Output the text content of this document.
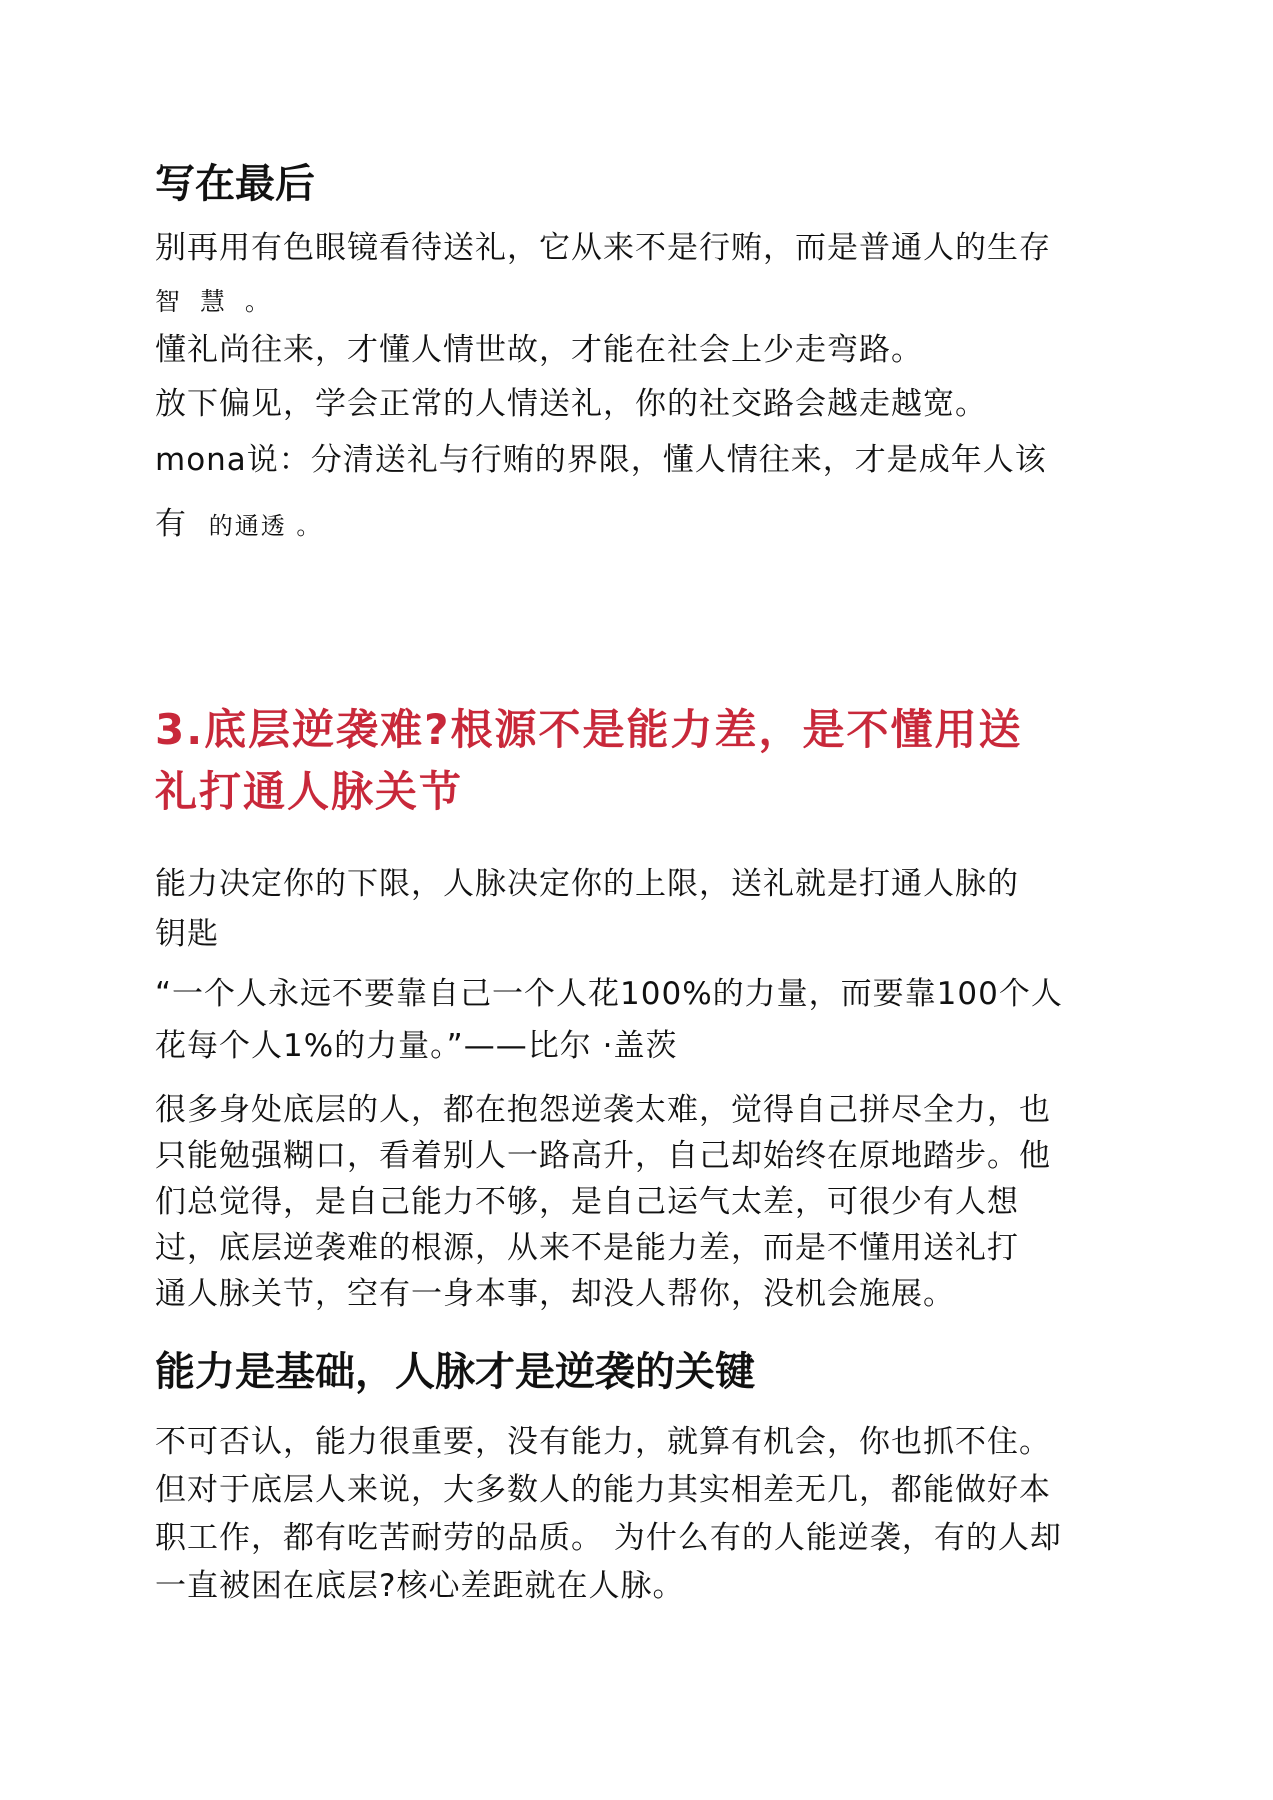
写在最后

别再用有色眼镜看待送礼，它从来不是行贿，而是普通人的生存

智 慧 。

懂礼尚往来，才懂人情世故，才能在社会上少走弯路。

放下偏见，学会正常的人情送礼，你的社交路会越走越宽。

mona说：分清送礼与行贿的界限，懂人情往来，才是成年人该

有 的通透 。

3.底层逆袭难?根源不是能力差，是不懂用送
礼打通人脉关节

能力决定你的下限，人脉决定你的上限，送礼就是打通人脉的

钥匙

“一个人永远不要靠自己一个人花100%的力量，而要靠100个人

花每个人1%的力量。”——比尔 ·盖茨

很多身处底层的人，都在抱怨逆袭太难，觉得自己拼尽全力，也

只能勉强糊口，看着别人一路高升，自己却始终在原地踏步。他

们总觉得，是自己能力不够，是自己运气太差，可很少有人想

过，底层逆袭难的根源，从来不是能力差，而是不懂用送礼打

通人脉关节，空有一身本事，却没人帮你，没机会施展。

能力是基础，人脉才是逆袭的关键

不可否认，能力很重要，没有能力，就算有机会，你也抓不住。

但对于底层人来说，大多数人的能力其实相差无几，都能做好本

职工作，都有吃苦耐劳的品质。 为什么有的人能逆袭，有的人却

一直被困在底层?核心差距就在人脉。
